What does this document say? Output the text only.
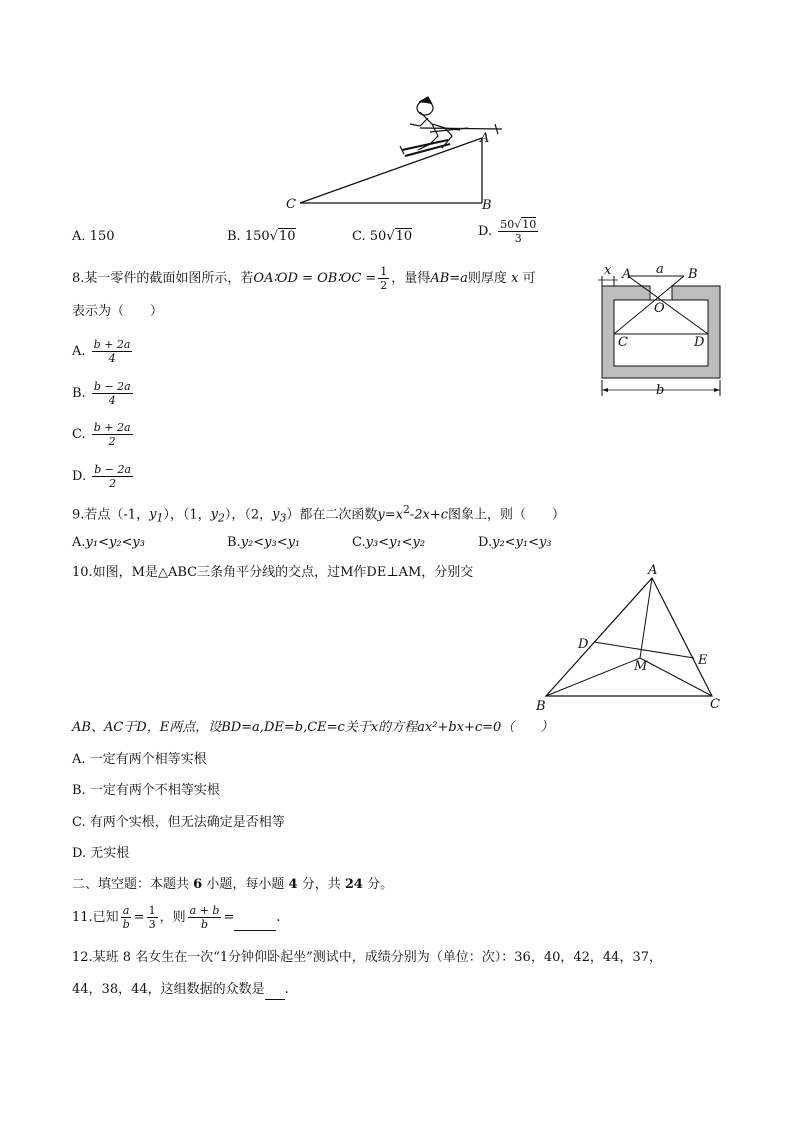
A
B
C
A. 150	B. 150√10	C. 50√10	D. $\frac{50√10}{3}$
8.某一零件的截面如图所示，若OA∶OD = OB∶OC = $\frac{1}{2}$ ，量得AB=a则厚度 x 可
表示为（　　）
A. $\frac{b + 2a}{4}$
B. $\frac{b - 2a}{4}$
C. $\frac{b + 2a}{2}$
D. $\frac{b - 2a}{2}$
x A a B
O
C	D
b
9.若点（-1，$y_1$），（1，$y_2$），（2，$y_3$）都在二次函数$y=x^2-2x+c$图象上，则（　　）
A.y₁<y₂<y₃	B.y₂<y₃<y₁	C.y₃<y₁<y₂	D.y₂<y₁<y₃
10.如图，M是△ABC三条角平分线的交点，过M作DE⊥AM，分别交	A
B	C
D
E
M
AB、AC于D，E两点，设BD=a,DE=b,CE=c关于x的方程ax²+bx+c=0（　　）
A. 一定有两个相等实根
B. 一定有两个不相等实根
C. 有两个实根，但无法确定是否相等
D. 无实根
二、填空题：本题共 6 小题，每小题 4 分，共 24 分。
11.已知 $\frac{a}{b} = \frac{1}{3}$ ，则 $\frac{a + b}{b}$ =	.
12.某班 8 名女生在一次“1分钟仰卧起坐”测试中，成绩分别为（单位：次）：36，40，42，44，37，
44，38，44，这组数据的众数是 .
